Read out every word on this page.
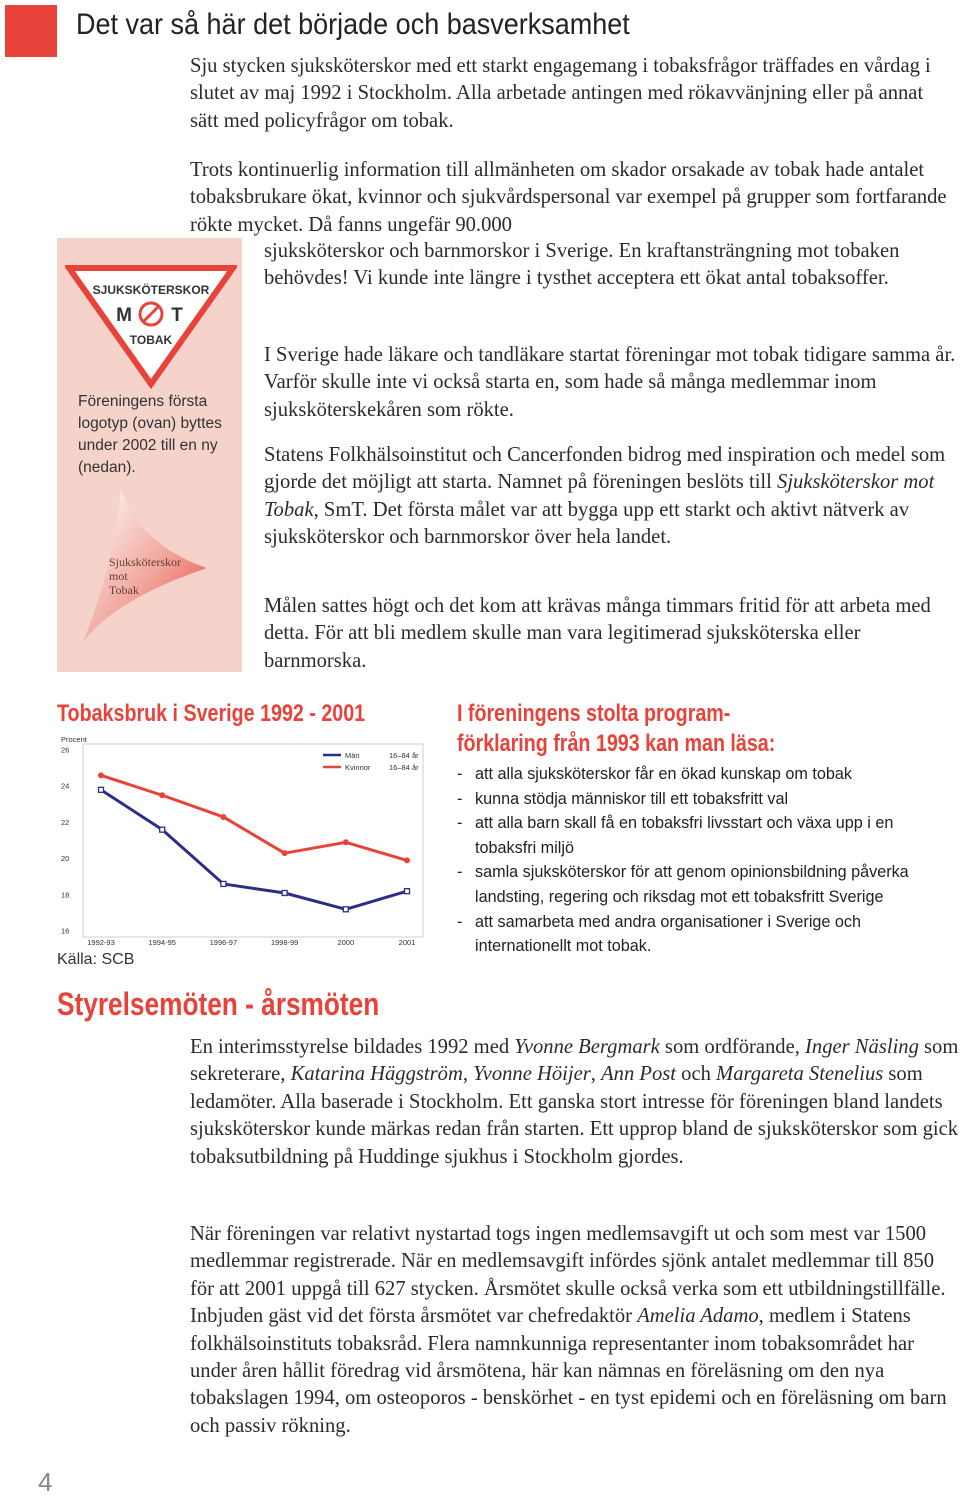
Det var så här det började och basverksamhet

Sju stycken sjuksköterskor med ett starkt engagemang i tobaksfrågor träffades en vårdag i slutet av maj 1992 i Stockholm. Alla arbetade antingen med rökavvänjning eller på annat sätt med policyfrågor om tobak.

Trots kontinuerlig information till allmänheten om skador orsakade av tobak hade antalet tobaksbrukare ökat, kvinnor och sjukvårdspersonal var exempel på grupper som fortfarande rökte mycket. Då fanns ungefär 90.000

sjuksköterskor och barnmorskor i Sverige. En kraftansträngning mot tobaken behövdes! Vi kunde inte längre i tysthet acceptera ett ökat antal tobaksoffer.

I Sverige hade läkare och tandläkare startat föreningar mot tobak tidigare samma år. Varför skulle inte vi också starta en, som hade så många medlemmar inom sjuksköterskekåren som rökte.

Statens Folkhälsoinstitut och Cancerfonden bidrog med inspiration och medel som gjorde det möjligt att starta. Namnet på föreningen beslöts till Sjuksköterskor mot Tobak, SmT. Det första målet var att bygga upp ett starkt och aktivt nätverk av sjuksköterskor och barnmorskor över hela landet.

Målen sattes högt och det kom att krävas många timmars fritid för att arbeta med detta. För att bli medlem skulle man vara legitimerad sjuksköterska eller barnmorska.

SJUKSKÖTERSKOR
M T
TOBAK

Föreningens första logotyp (ovan) byttes under 2002 till en ny (nedan).

Sjuksköterskor
mot
Tobak
Tobaksbruk i Sverige 1992 - 2001
Procent
26
24
22
20
18
16
1992-93	1994-95	1996-97	1998-99	2000	2001
Män	16–84 år
Kvinnor 16–84 år
Källa: SCB
I föreningens stolta program-
förklaring från 1993 kan man läsa:
- att alla sjuksköterskor får en ökad kunskap om tobak
- kunna stödja människor till ett tobaksfritt val
- att alla barn skall få en tobaksfri livsstart och växa upp i en tobaksfri miljö
- samla sjuksköterskor för att genom opinionsbildning påverka landsting, regering och riksdag mot ett tobaksfritt Sverige
- att samarbeta med andra organisationer i Sverige och internationellt mot tobak.
Styrelsemöten - årsmöten

En interimsstyrelse bildades 1992 med Yvonne Bergmark som ordförande, Inger Näsling som sekreterare, Katarina Häggström, Yvonne Höijer, Ann Post och Margareta Stenelius som ledamöter. Alla baserade i Stockholm. Ett ganska stort intresse för föreningen bland landets sjuksköterskor kunde märkas redan från starten. Ett upprop bland de sjuksköterskor som gick tobaksutbildning på Huddinge sjukhus i Stockholm gjordes.

När föreningen var relativt nystartad togs ingen medlemsavgift ut och som mest var 1500 medlemmar registrerade. När en medlemsavgift infördes sjönk antalet medlemmar till 850 för att 2001 uppgå till 627 stycken. Årsmötet skulle också verka som ett utbildningstillfälle. Inbjuden gäst vid det första årsmötet var chefredaktör Amelia Adamo, medlem i Statens folkhälsoinstituts tobaksråd. Flera namnkunniga representanter inom tobaksområdet har under åren hållit föredrag vid årsmötena, här kan nämnas en föreläsning om den nya tobakslagen 1994, om osteoporos - benskörhet - en tyst epidemi och en föreläsning om barn och passiv rökning.

4
